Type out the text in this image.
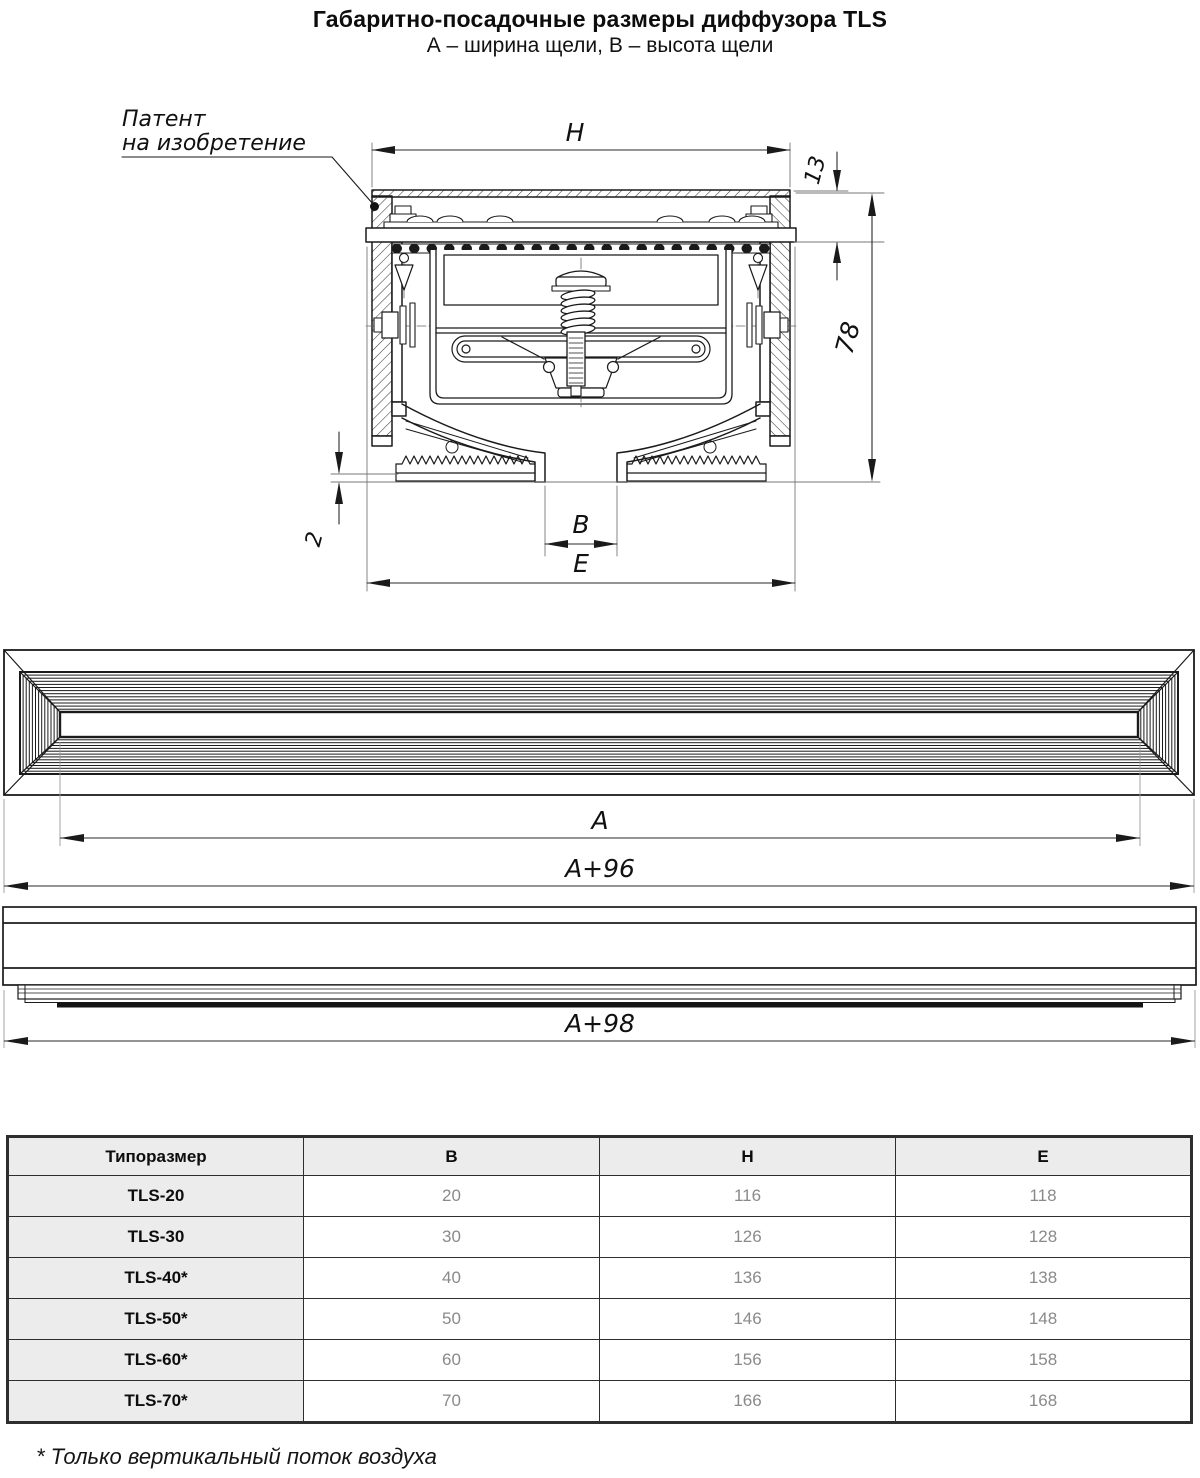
Габаритно-посадочные размеры диффузора TLS
А – ширина щели, В – высота щели
Патент
на изобретение	H
13
78
2
B
E
A
A+96
A+98
Типоразмер	B	H	E
TLS-20	20	116	118
TLS-30	30	126	128
TLS-40*	40	136	138
TLS-50*	50	146	148
TLS-60*	60	156	158
TLS-70*	70	166	168
* Только вертикальный поток воздуха
